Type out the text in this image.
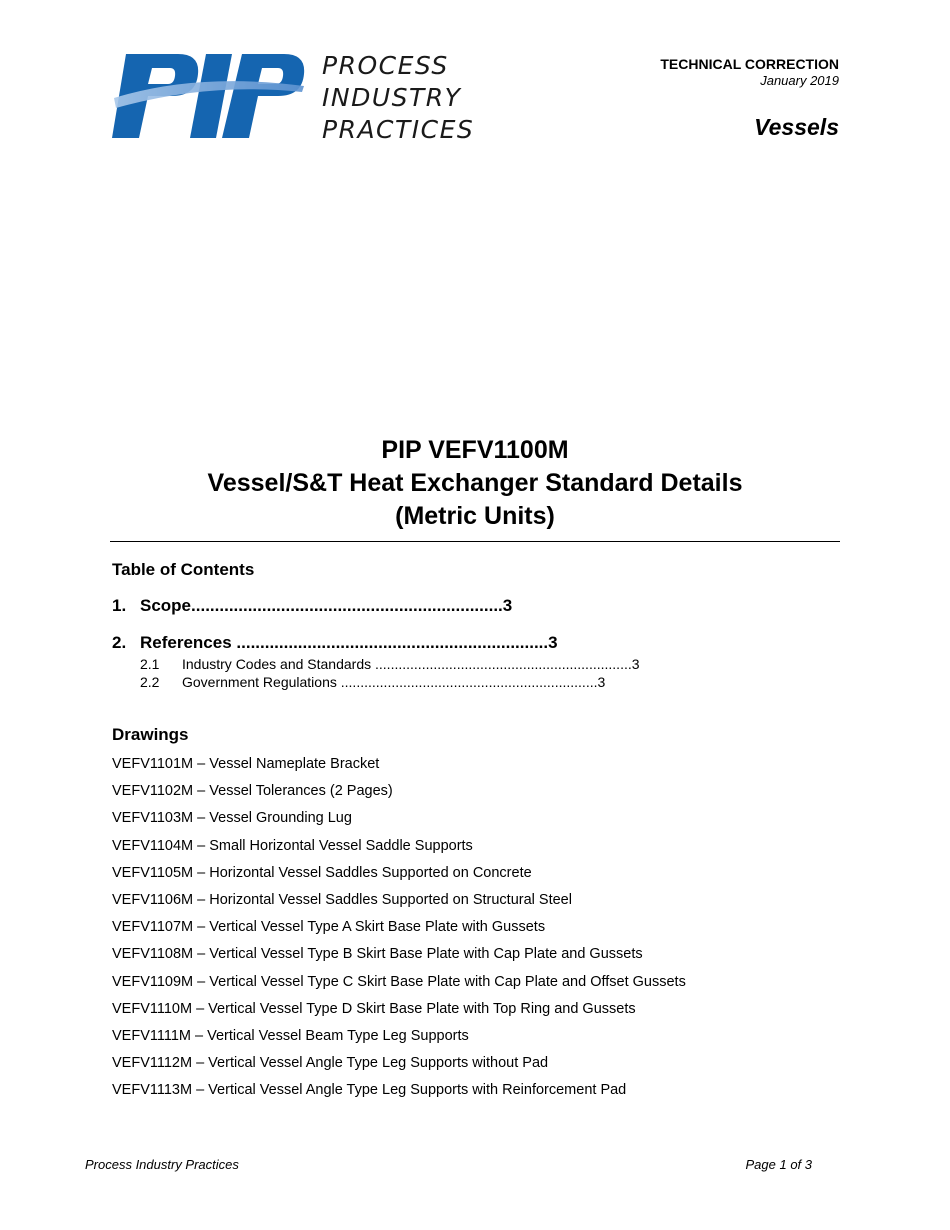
PROCESS
INDUSTRY
PRACTICES
TECHNICAL CORRECTION
January 2019
Vessels
PIP VEFV1100M
Vessel/S&T Heat Exchanger Standard Details
(Metric Units)
Table of Contents
1. Scope .................................................................. 3
2. References .................................................................. 3
2.1	Industry Codes and Standards .................................................................. 3
2.2	Government Regulations .................................................................. 3
Drawings
VEFV1101M – Vessel Nameplate Bracket
VEFV1102M – Vessel Tolerances (2 Pages)
VEFV1103M – Vessel Grounding Lug
VEFV1104M – Small Horizontal Vessel Saddle Supports
VEFV1105M – Horizontal Vessel Saddles Supported on Concrete
VEFV1106M – Horizontal Vessel Saddles Supported on Structural Steel
VEFV1107M – Vertical Vessel Type A Skirt Base Plate with Gussets
VEFV1108M – Vertical Vessel Type B Skirt Base Plate with Cap Plate and Gussets
VEFV1109M – Vertical Vessel Type C Skirt Base Plate with Cap Plate and Offset Gussets
VEFV1110M – Vertical Vessel Type D Skirt Base Plate with Top Ring and Gussets
VEFV1111M – Vertical Vessel Beam Type Leg Supports
VEFV1112M – Vertical Vessel Angle Type Leg Supports without Pad
VEFV1113M – Vertical Vessel Angle Type Leg Supports with Reinforcement Pad
Process Industry Practices	Page 1 of 3
